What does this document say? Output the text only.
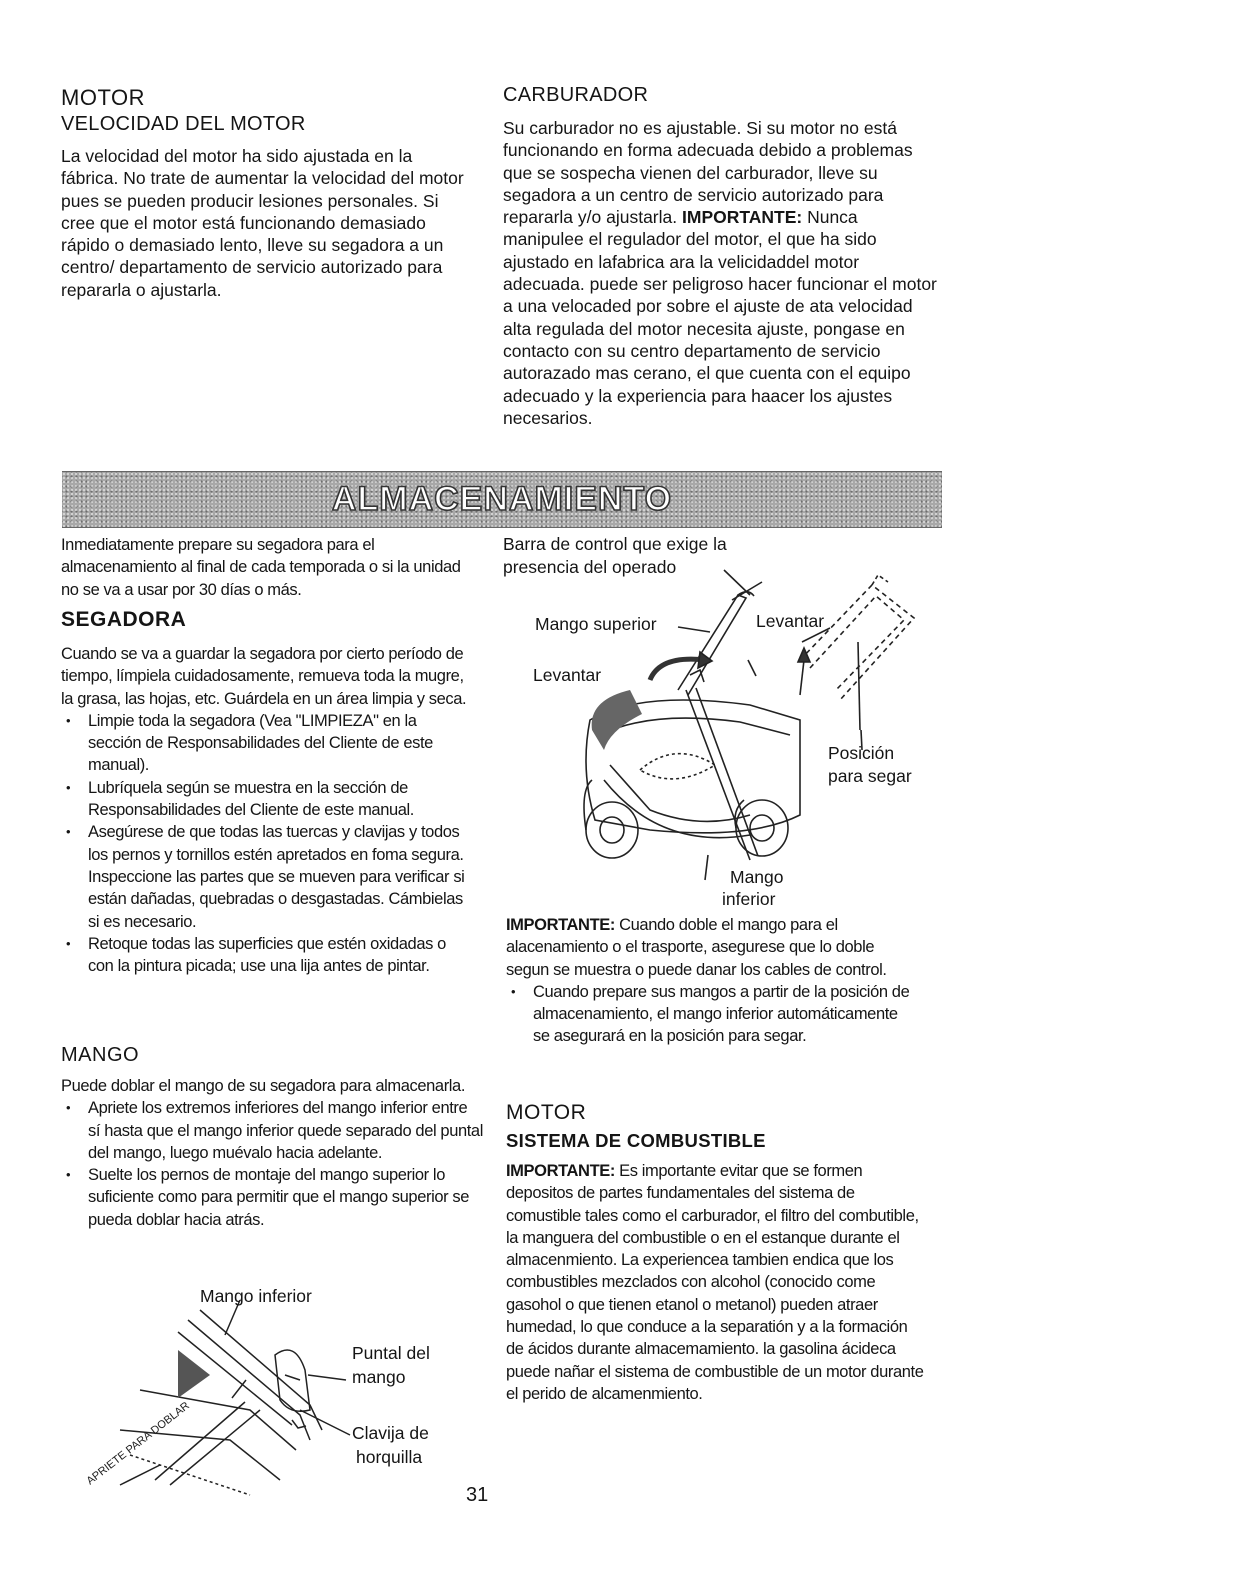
MOTOR
VELOCIDAD DEL MOTOR

La velocidad del motor ha sido ajustada en la fábrica. No trate de aumentar la velocidad del motor pues se pueden producir lesiones personales. Si cree que el motor está funcionando demasiado rápido o demasiado lento, lleve su segadora a un centro/ departamento de servicio autorizado para repararla o ajustarla.

CARBURADOR
Su carburador no es ajustable. Si su motor no está funcionando en forma adecuada debido a problemas que se sospecha vienen del carburador, lleve su segadora a un centro de servicio autorizado para repararla y/o ajustarla. IMPORTANTE: Nunca manipulee el regulador del motor, el que ha sido ajustado en lafabrica ara la velicidaddel motor adecuada. puede ser peligroso hacer funcionar el motor a una velocaded por sobre el ajuste de ata velocidad alta regulada del motor necesita ajuste, pongase en contacto con su centro departamento de servicio autorazado mas cerano, el que cuenta con el equipo adecuado y la experiencia para haacer los ajustes necesarios.
ALMACENAMIENTO

Inmediatamente prepare su segadora para el almacenamiento al final de cada temporada o si la unidad no se va a usar por 30 días o más.

SEGADORA

Cuando se va a guardar la segadora por cierto período de tiempo, límpiela cuidadosamente, remueva toda la mugre, la grasa, las hojas, etc. Guárdela en un área limpia y seca.

• Limpie toda la segadora (Vea "LIMPIEZA" en la sección de Responsabilidades del Cliente de este manual).
• Lubríquela según se muestra en la sección de Responsabilidades del Cliente de este manual.
• Asegúrese de que todas las tuercas y clavijas y todos los pernos y tornillos estén apretados en foma segura. Inspeccione las partes que se mueven para verificar si están dañadas, quebradas o desgastadas. Cámbielas si es necesario.
• Retoque todas las superficies que estén oxidadas o con la pintura picada; use una lija antes de pintar.
MANGO

Puede doblar el mango de su segadora para almacenarla.

• Apriete los extremos inferiores del mango inferior entre sí hasta que el mango inferior quede separado del puntal del mango, luego muévalo hacia adelante.
• Suelte los pernos de montaje del mango superior lo suficiente como para permitir que el mango superior se pueda doblar hacia atrás.
APRIETE PARA DOBLAR
Mango inferior
Puntal del
mango
Clavija de
horquilla
31
Barra de control que exige la
presencia del operado
Mango superior	Levantar
Levantar
Posición
para segar
Mango
inferior

IMPORTANTE: Cuando doble el mango para el alacenamiento o el trasporte, asegurese que lo doble segun se muestra o puede danar los cables de control.

• Cuando prepare sus mangos a partir de la posición de almacenamiento, el mango inferior automáticamente se asegurará en la posición para segar.
MOTOR
SISTEMA DE COMBUSTIBLE

IMPORTANTE: Es importante evitar que se formen depositos de partes fundamentales del sistema de comustible tales como el carburador, el filtro del combutible, la manguera del combustible o en el estanque durante el almacenmiento. La experiencea tambien endica que los combustibles mezclados con alcohol (conocido come gasohol o que tienen etanol o metanol) pueden atraer humedad, lo que conduce a la separatión y a la formación de ácidos durante almacemamiento. la gasolina ácideca puede nañar el sistema de combustible de un motor durante el perido de alcamenmiento.
